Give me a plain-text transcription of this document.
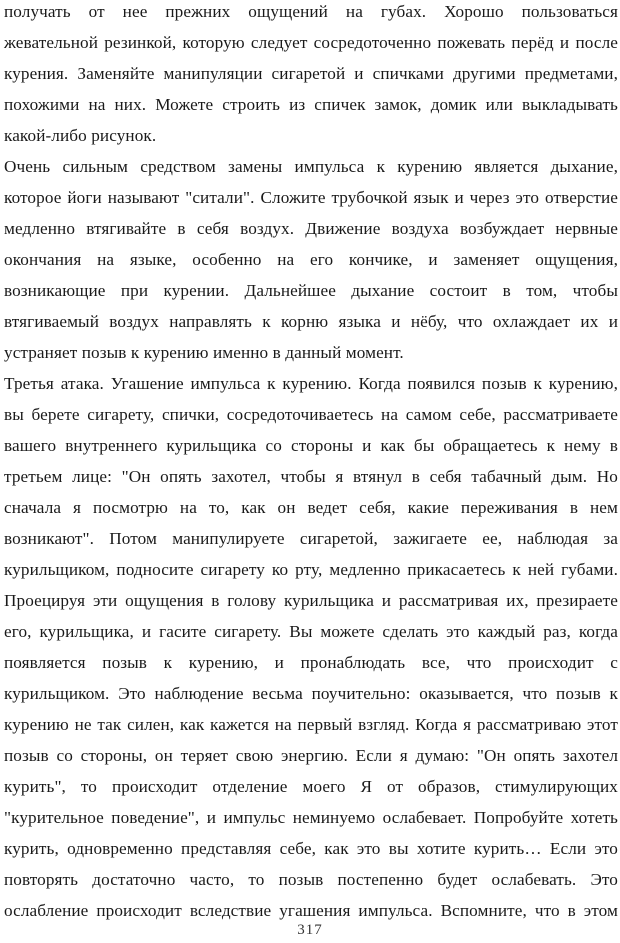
получать от нее прежних ощущений на губах. Хорошо пользоваться
жевательной резинкой, которую следует сосредоточенно пожевать перёд и после
курения. Заменяйте манипуляции сигаретой и спичками другими предметами,
похожими на них. Можете строить из спичек замок, домик или выкладывать
какой-либо рисунок.
Очень сильным средством замены импульса к курению является дыхание,
которое йоги называют "ситали". Сложите трубочкой язык и через это отверстие
медленно втягивайте в себя воздух. Движение воздуха возбуждает нервные
окончания на языке, особенно на его кончике, и заменяет ощущения,
возникающие при курении. Дальнейшее дыхание состоит в том, чтобы
втягиваемый воздух направлять к корню языка и нёбу, что охлаждает их и
устраняет позыв к курению именно в данный момент.
Третья атака. Угашение импульса к курению. Когда появился позыв к курению,
вы берете сигарету, спички, сосредоточиваетесь на самом себе, рассматриваете
вашего внутреннего курильщика со стороны и как бы обращаетесь к нему в
третьем лице: "Он опять захотел, чтобы я втянул в себя табачный дым. Но
сначала я посмотрю на то, как он ведет себя, какие переживания в нем
возникают". Потом манипулируете сигаретой, зажигаете ее, наблюдая за
курильщиком, подносите сигарету ко рту, медленно прикасаетесь к ней губами.
Проецируя эти ощущения в голову курильщика и рассматривая их, презираете
его, курильщика, и гасите сигарету. Вы можете сделать это каждый раз, когда
появляется позыв к курению, и пронаблюдать все, что происходит с
курильщиком. Это наблюдение весьма поучительно: оказывается, что позыв к
курению не так силен, как кажется на первый взгляд. Когда я рассматриваю этот
позыв со стороны, он теряет свою энергию. Если я думаю: "Он опять захотел
курить", то происходит отделение моего Я от образов, стимулирующих
"курительное поведение", и импульс неминуемо ослабевает. Попробуйте хотеть
курить, одновременно представляя себе, как это вы хотите курить… Если это
повторять достаточно часто, то позыв постепенно будет ослабевать. Это
ослабление происходит вследствие угашения импульса. Вспомните, что в этом
317
